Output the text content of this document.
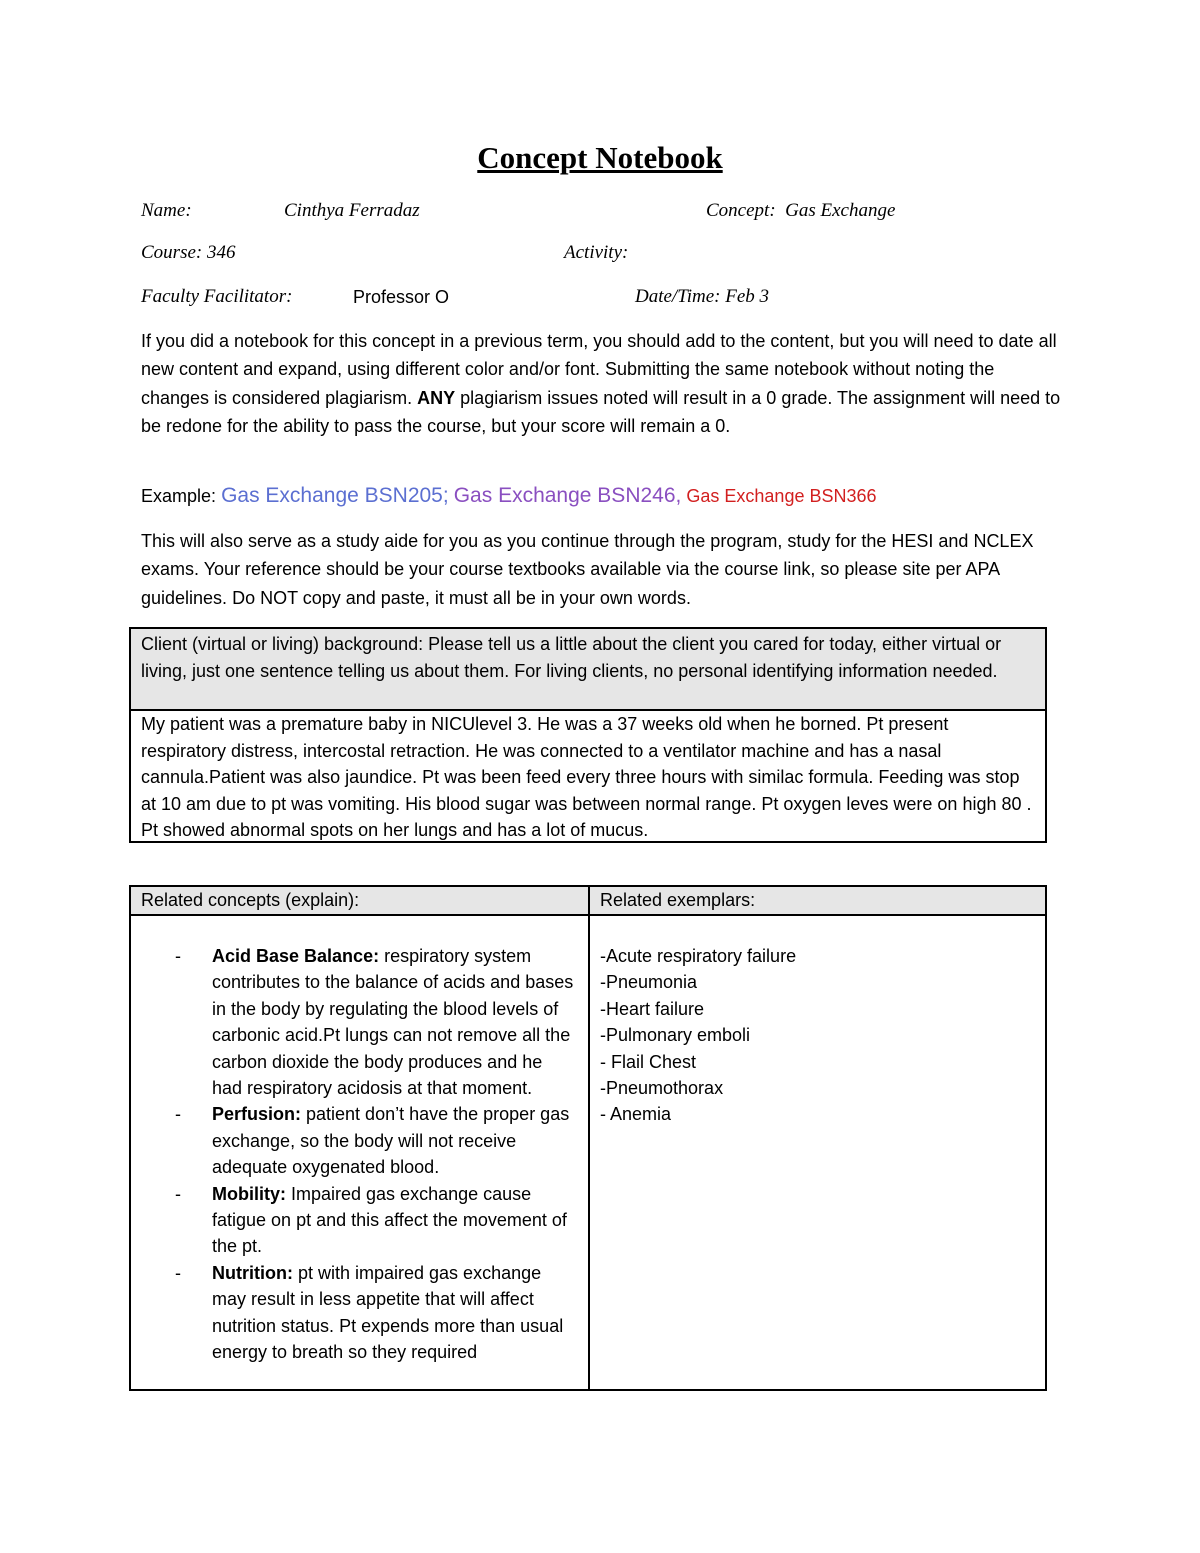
Concept Notebook
Name:	Cinthya Ferradaz	Concept: Gas Exchange
Course: 346	Activity:
Faculty Facilitator:	Professor O	Date/Time: Feb 3
If you did a notebook for this concept in a previous term, you should add to the content, but you will need to date all new content and expand, using different color and/or font. Submitting the same notebook without noting the changes is considered plagiarism. ANY plagiarism issues noted will result in a 0 grade. The assignment will need to be redone for the ability to pass the course, but your score will remain a 0.
Example: Gas Exchange BSN205; Gas Exchange BSN246, Gas Exchange BSN366
This will also serve as a study aide for you as you continue through the program, study for the HESI and NCLEX exams. Your reference should be your course textbooks available via the course link, so please site per APA guidelines. Do NOT copy and paste, it must all be in your own words.
Client (virtual or living) background: Please tell us a little about the client you cared for today, either virtual or living, just one sentence telling us about them. For living clients, no personal identifying information needed.
My patient was a premature baby in NICUlevel 3. He was a 37 weeks old when he borned. Pt present respiratory distress, intercostal retraction. He was connected to a ventilator machine and has a nasal cannula.Patient was also jaundice. Pt was been feed every three hours with similac formula. Feeding was stop at 10 am due to pt was vomiting. His blood sugar was between normal range. Pt oxygen leves were on high 80 . Pt showed abnormal spots on her lungs and has a lot of mucus.
Related concepts (explain):	Related exemplars:
- Acid Base Balance: respiratory system contributes to the balance of acids and bases in the body by regulating the blood levels of carbonic acid.Pt lungs can not remove all the carbon dioxide the body produces and he had respiratory acidosis at that moment.
- Perfusion: patient don’t have the proper gas exchange, so the body will not receive adequate oxygenated blood.
- Mobility: Impaired gas exchange cause fatigue on pt and this affect the movement of the pt.
- Nutrition: pt with impaired gas exchange may result in less appetite that will affect nutrition status. Pt expends more than usual energy to breath so they required
-Acute respiratory failure
-Pneumonia
-Heart failure
-Pulmonary emboli
- Flail Chest
-Pneumothorax
- Anemia
